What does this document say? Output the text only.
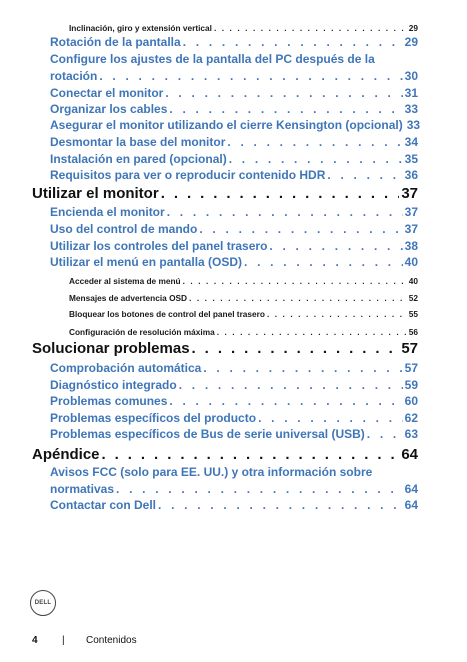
Inclinación, giro y extensión vertical . . .	29
Rotación de la pantalla . . .	29
Configure los ajustes de la pantalla del PC después de la
rotación . . .	30
Conectar el monitor . . .	31
Organizar los cables . . .	33
Asegurar el monitor utilizando el cierre Kensington (opcional) 33
Desmontar la base del monitor . . .	34
Instalación en pared (opcional) . . .	35
Requisitos para ver o reproducir contenido HDR . . .	36
Utilizar el monitor . . .	37
Encienda el monitor . . .	37
Uso del control de mando . . .	37
Utilizar los controles del panel trasero . . .	38
Utilizar el menú en pantalla (OSD) . . .	40
Acceder al sistema de menú . . .	40
Mensajes de advertencia OSD . . .	52
Bloquear los botones de control del panel trasero . . .	55
Configuración de resolución máxima . . .	56
Solucionar problemas . . .	57
Comprobación automática . . .	57
Diagnóstico integrado . . .	59
Problemas comunes . . .	60
Problemas específicos del producto . . .	62
Problemas específicos de Bus de serie universal (USB) . . .	63
Apéndice . . .	64
Avisos FCC (solo para EE. UU.) y otra información sobre
normativas . . .	64
Contactar con Dell . . .	64
DELL
4 | Contenidos
